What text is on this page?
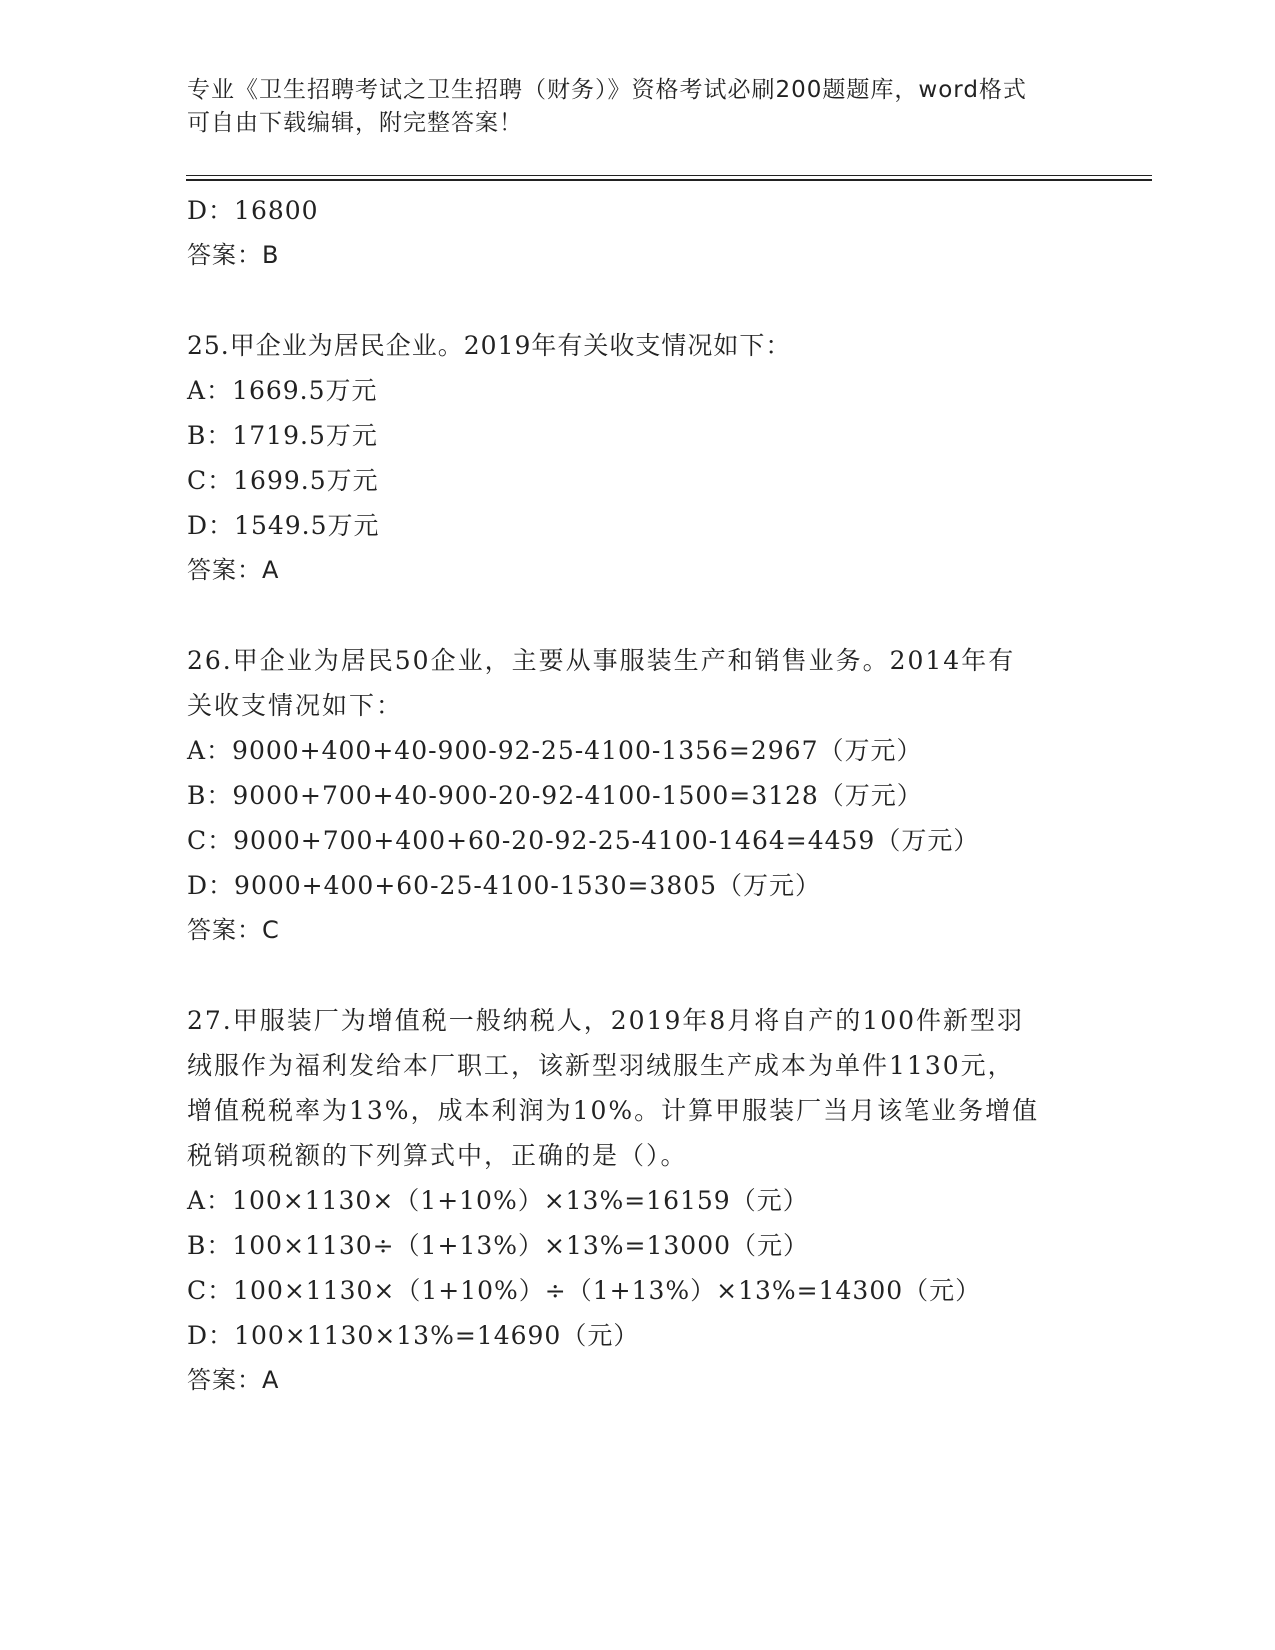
专业《卫生招聘考试之卫生招聘（财务）》资格考试必刷200题题库，word格式
可自由下载编辑，附完整答案！
D：16800
答案：B
25.甲企业为居民企业。2019年有关收支情况如下：
A：1669.5万元
B：1719.5万元
C：1699.5万元
D：1549.5万元
答案：A
26.甲企业为居民50企业，主要从事服装生产和销售业务。2014年有
关收支情况如下：
A：9000+400+40-900-92-25-4100-1356=2967（万元）
B：9000+700+40-900-20-92-4100-1500=3128（万元）
C：9000+700+400+60-20-92-25-4100-1464=4459（万元）
D：9000+400+60-25-4100-1530=3805（万元）
答案：C
27.甲服装厂为增值税一般纳税人，2019年8月将自产的100件新型羽
绒服作为福利发给本厂职工，该新型羽绒服生产成本为单件1130元，
增值税税率为13%，成本利润为10%。计算甲服装厂当月该笔业务增值
税销项税额的下列算式中，正确的是（）。
A：100×1130×（1+10%）×13%=16159（元）
B：100×1130÷（1+13%）×13%=13000（元）
C：100×1130×（1+10%）÷（1+13%）×13%=14300（元）
D：100×1130×13%=14690（元）
答案：A
